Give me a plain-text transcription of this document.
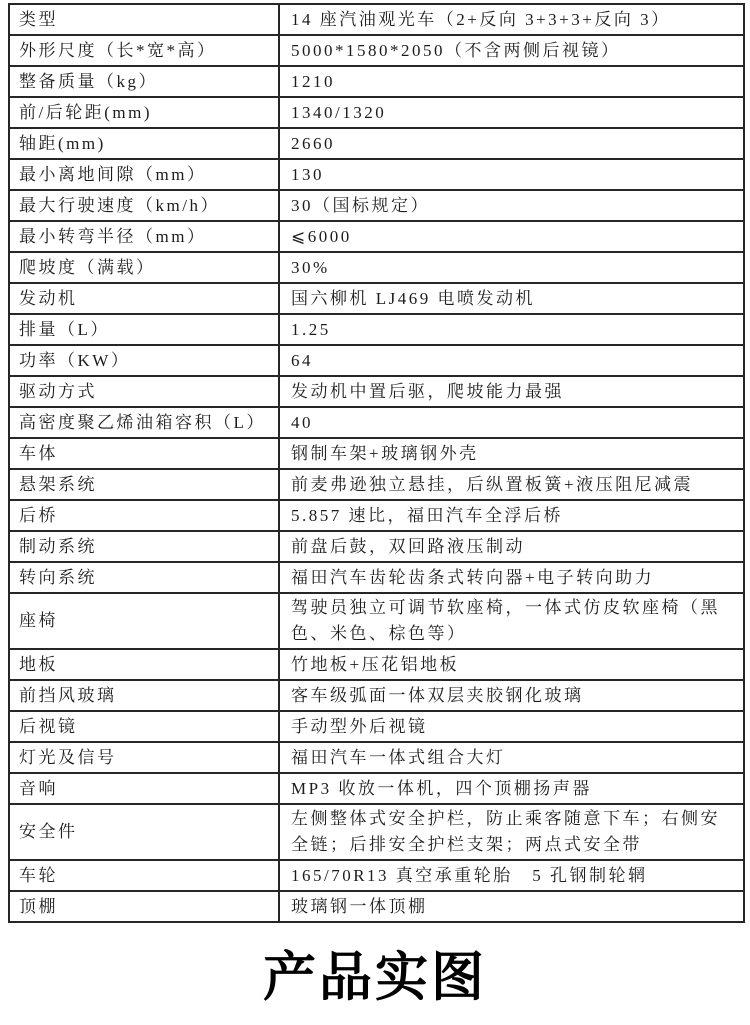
类型	14 座汽油观光车（2+反向 3+3+3+反向 3）
外形尺度（长*宽*高）	5000*1580*2050（不含两侧后视镜）
整备质量（kg）	1210
前/后轮距(mm)	1340/1320
轴距(mm)	2660
最小离地间隙（mm）	130
最大行驶速度（km/h）	30（国标规定）
最小转弯半径（mm）	⩽6000
爬坡度（满载）	30%
发动机	国六柳机 LJ469 电喷发动机
排量（L）	1.25
功率（KW）	64
驱动方式	发动机中置后驱，爬坡能力最强
高密度聚乙烯油箱容积（L）	40
车体	钢制车架+玻璃钢外壳
悬架系统	前麦弗逊独立悬挂，后纵置板簧+液压阻尼减震
后桥	5.857 速比，福田汽车全浮后桥
制动系统	前盘后鼓，双回路液压制动
转向系统	福田汽车齿轮齿条式转向器+电子转向助力
座椅	驾驶员独立可调节软座椅，一体式仿皮软座椅（黑色、米色、棕色等）
地板	竹地板+压花铝地板
前挡风玻璃	客车级弧面一体双层夹胶钢化玻璃
后视镜	手动型外后视镜
灯光及信号	福田汽车一体式组合大灯
音响	MP3 收放一体机，四个顶棚扬声器
安全件	左侧整体式安全护栏，防止乘客随意下车；右侧安全链；后排安全护栏支架；两点式安全带
车轮	165/70R13 真空承重轮胎　5 孔钢制轮辋
顶棚	玻璃钢一体顶棚
产品实图
